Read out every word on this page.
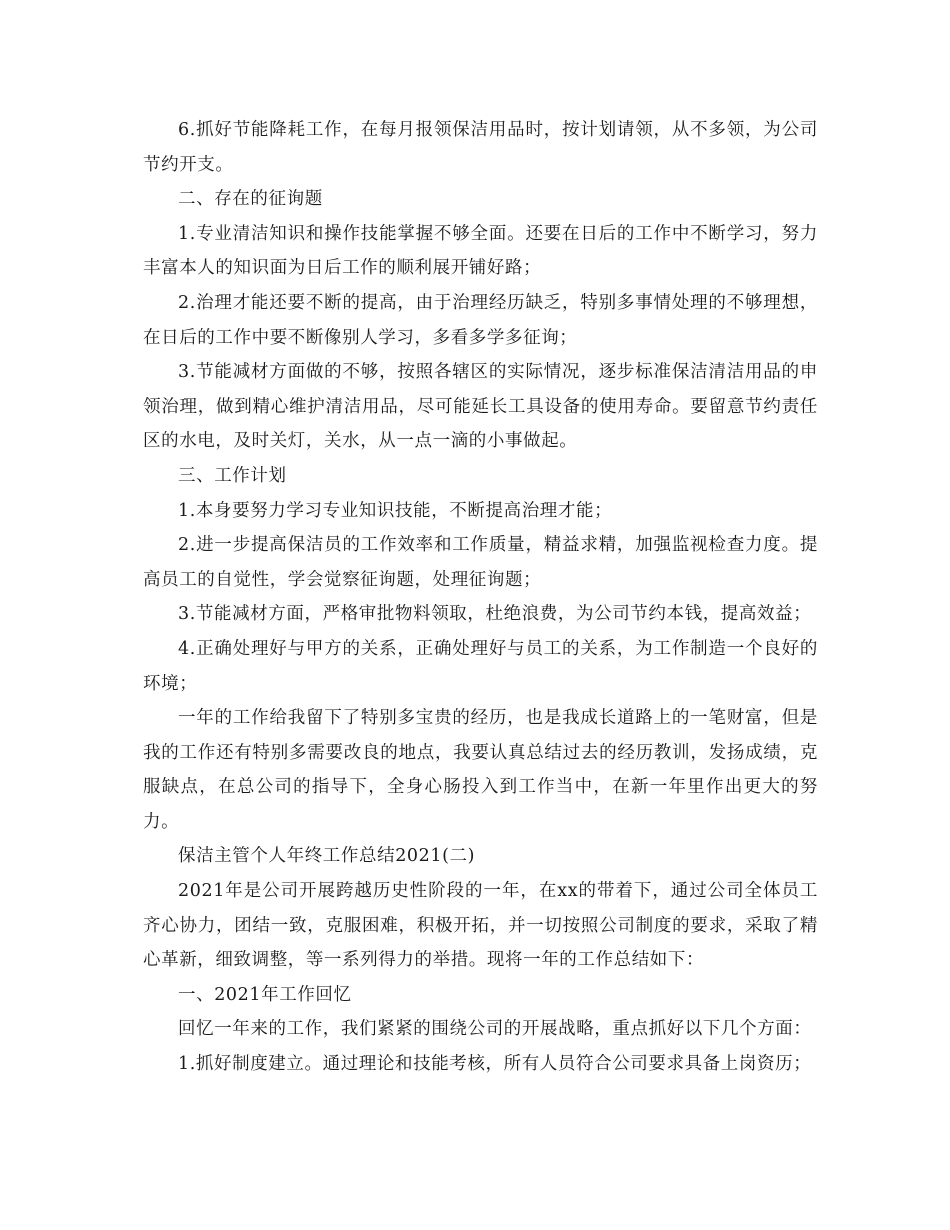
6.抓好节能降耗工作，在每月报领保洁用品时，按计划请领，从不多领，为公司节约开支。

二、存在的征询题

1.专业清洁知识和操作技能掌握不够全面。还要在日后的工作中不断学习，努力丰富本人的知识面为日后工作的顺利展开铺好路；

2.治理才能还要不断的提高，由于治理经历缺乏，特别多事情处理的不够理想，在日后的工作中要不断像别人学习，多看多学多征询；

3.节能减材方面做的不够，按照各辖区的实际情况，逐步标准保洁清洁用品的申领治理，做到精心维护清洁用品，尽可能延长工具设备的使用寿命。要留意节约责任区的水电，及时关灯，关水，从一点一滴的小事做起。

三、工作计划

1.本身要努力学习专业知识技能，不断提高治理才能；

2.进一步提高保洁员的工作效率和工作质量，精益求精，加强监视检查力度。提高员工的自觉性，学会觉察征询题，处理征询题；

3.节能减材方面，严格审批物料领取，杜绝浪费，为公司节约本钱，提高效益；

4.正确处理好与甲方的关系，正确处理好与员工的关系，为工作制造一个良好的环境；

一年的工作给我留下了特别多宝贵的经历，也是我成长道路上的一笔财富，但是我的工作还有特别多需要改良的地点，我要认真总结过去的经历教训，发扬成绩，克服缺点，在总公司的指导下，全身心肠投入到工作当中，在新一年里作出更大的努力。

保洁主管个人年终工作总结2021(二)

2021年是公司开展跨越历史性阶段的一年，在xx的带着下，通过公司全体员工齐心协力，团结一致，克服困难，积极开拓，并一切按照公司制度的要求，采取了精心革新，细致调整，等一系列得力的举措。现将一年的工作总结如下：

一、2021年工作回忆

回忆一年来的工作，我们紧紧的围绕公司的开展战略，重点抓好以下几个方面：

1.抓好制度建立。通过理论和技能考核，所有人员符合公司要求具备上岗资历；
